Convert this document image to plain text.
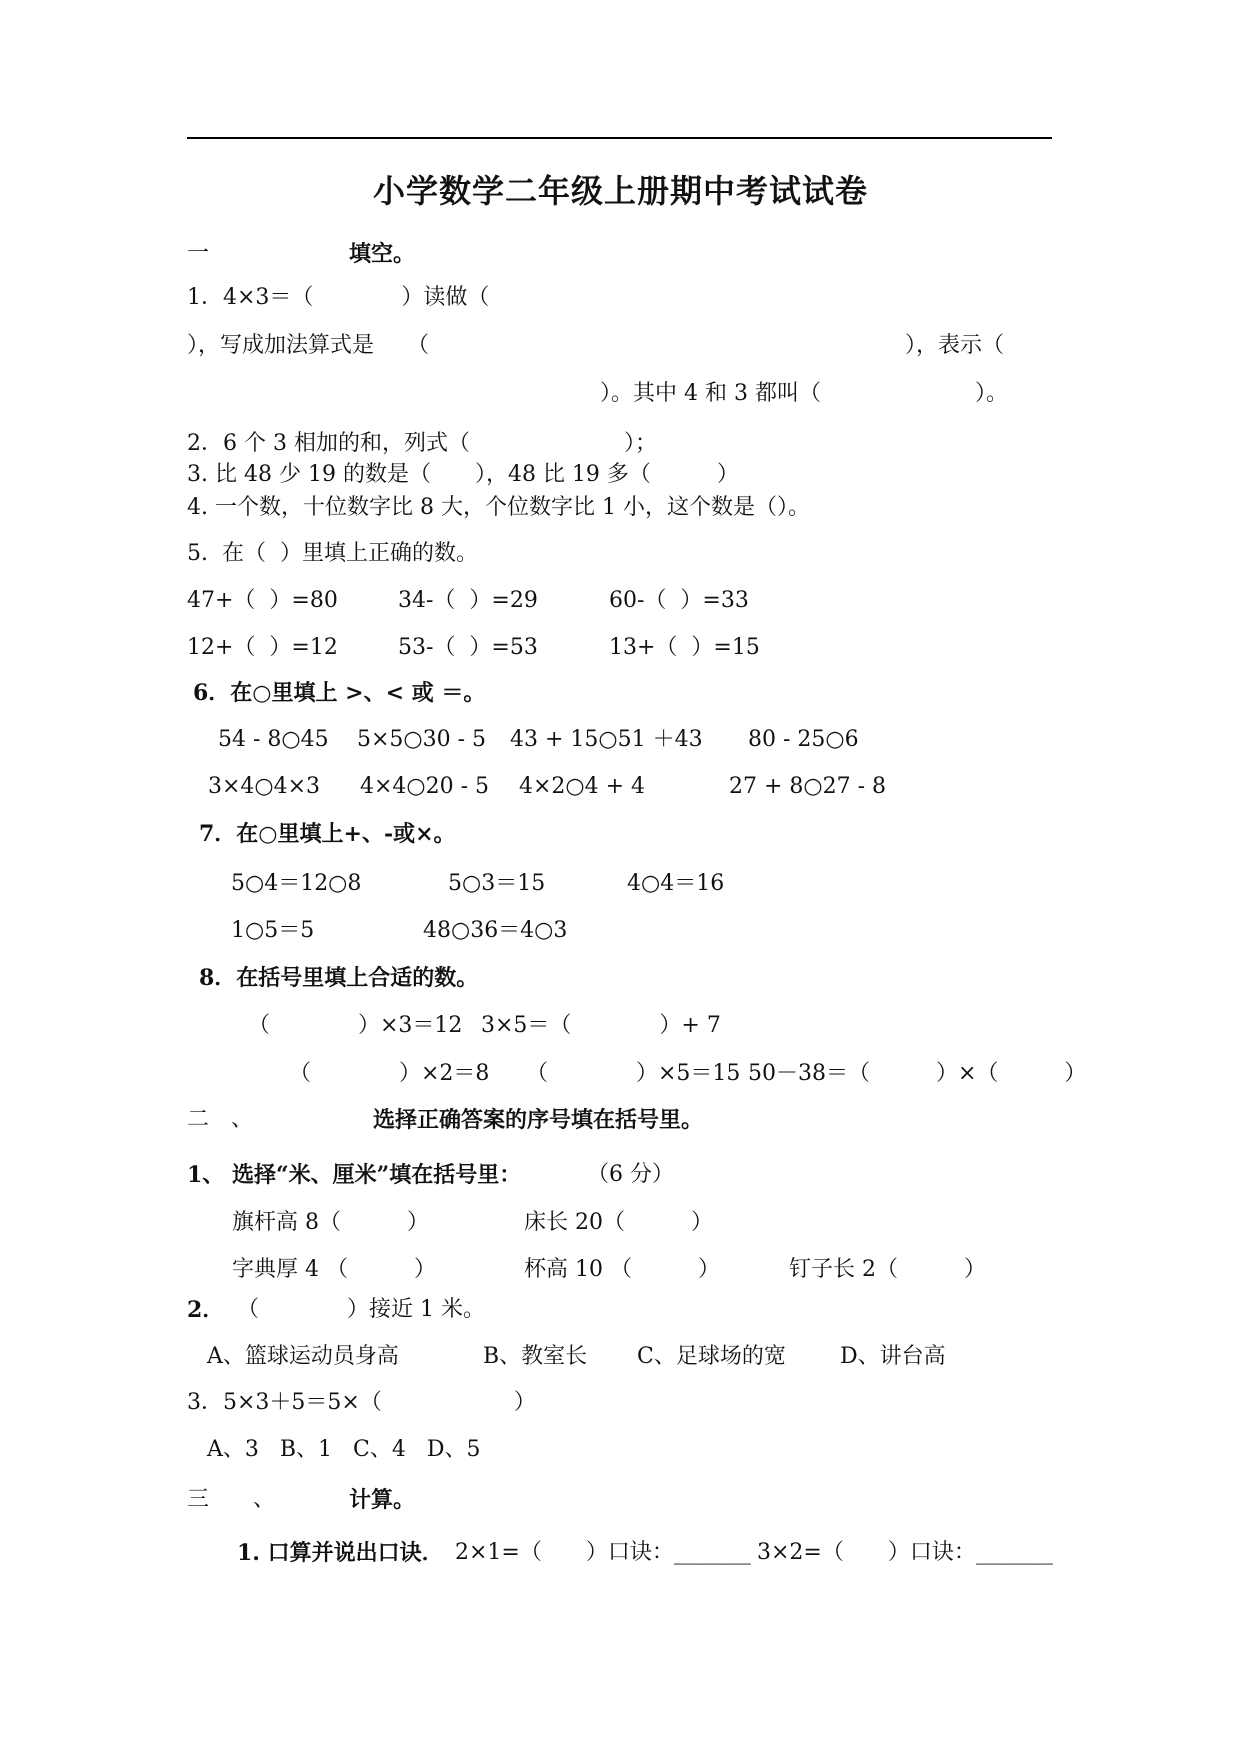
小学数学二年级上册期中考试试卷
一	填空。
1．4×3＝（　　　　）读做（
），写成加法算式是　　（	），表示（
）。其中 4 和 3 都叫（　　　　　　　）。
2．6 个 3 相加的和，列式（　　　　　　　）；
3. 比 48 少 19 的数是（　　），48 比 19 多（　　　）
4. 一个数，十位数字比 8 大，个位数字比 1 小，这个数是（）。
5.  在（  ）里填上正确的数。
47+（  ）=80	34-（  ）=29	60-（  ）=33
12+（  ）=12	53-（  ）=53	13+（  ）=15
6．在○里填上 >、< 或 ＝。
54 - 8○45 5×5○30 - 5 43 + 15○51 ＋43 80 - 25○6
3×4○4×3 4×4○20 - 5 4×2○4 + 4	27 + 8○27 - 8
7．在○里填上+、-或×。
5○4＝12○8	5○3＝15	4○4＝16
1○5＝5	48○36＝4○3
8．在括号里填上合适的数。
（　　　　）×3＝12 3×5＝（　　　　）+ 7
（　　　　）×2＝8 （　　　　）×5＝15 50－38＝（　　　）×（　　　）
二　、	选择正确答案的序号填在括号里。
1、 选择“米、厘米”填在括号里：	（6 分）
旗杆高 8（　　　）	床长 20（　　　）
字典厚 4 （　　　）	杯高 10 （　　　）	钉子长 2（　　　）
2． （　　　　）接近 1 米。
A、篮球运动员身高	B、教室长 C、足球场的宽 D、讲台高
3．5×3＋5＝5×（　　　　　　）
A、3   B、1   C、4   D、5
三　　、	计算。
1. 口算并说出口诀． 2×1=（　　）口诀：_______ 3×2=（　　）口诀：_______
